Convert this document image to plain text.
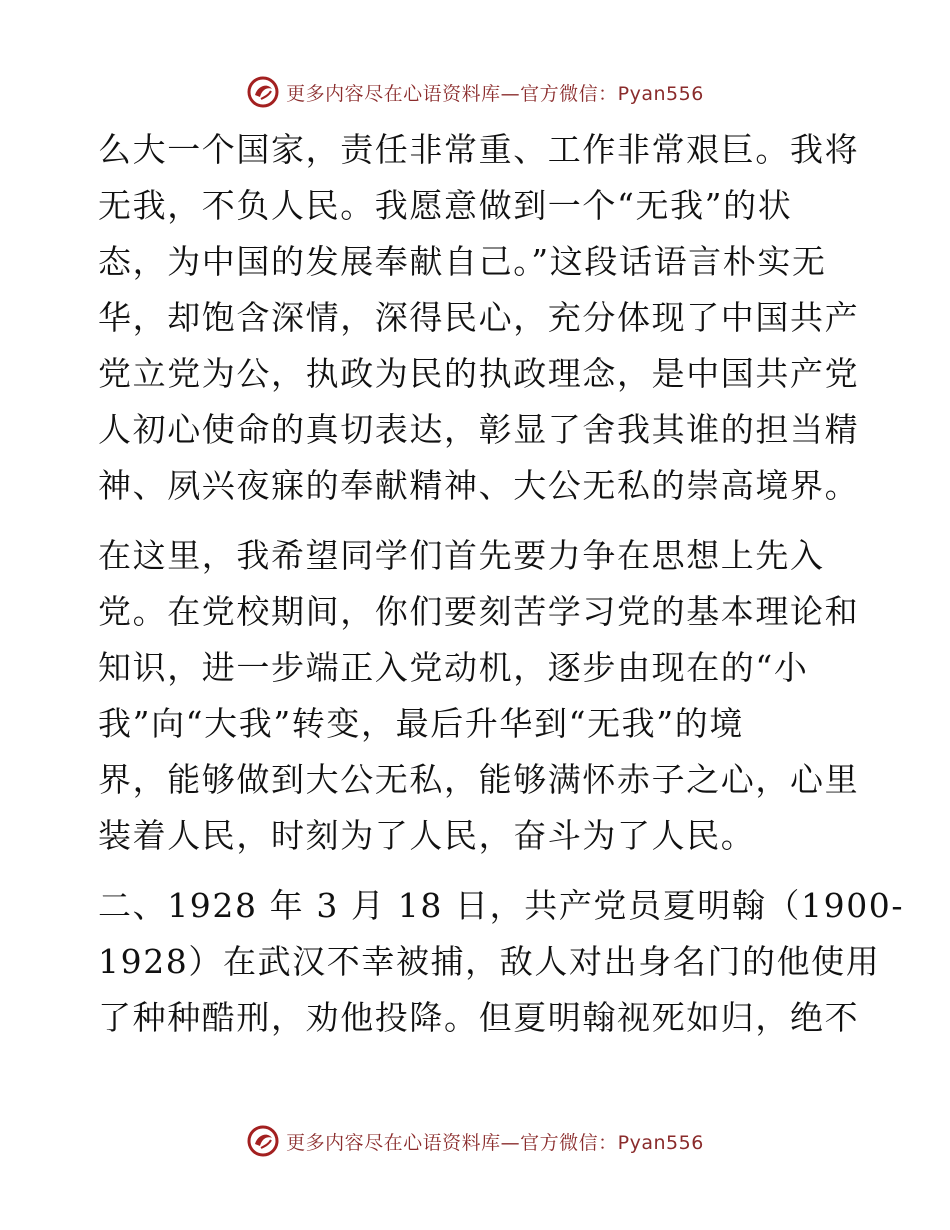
更多内容尽在心语资料库—官方微信：Pyan556
么大一个国家，责任非常重、工作非常艰巨。我将
无我，不负人民。我愿意做到一个“无我”的状
态，为中国的发展奉献自己。”这段话语言朴实无
华，却饱含深情，深得民心，充分体现了中国共产
党立党为公，执政为民的执政理念，是中国共产党
人初心使命的真切表达，彰显了舍我其谁的担当精
神、夙兴夜寐的奉献精神、大公无私的崇高境界。
在这里，我希望同学们首先要力争在思想上先入
党。在党校期间，你们要刻苦学习党的基本理论和
知识，进一步端正入党动机，逐步由现在的“小
我”向“大我”转变，最后升华到“无我”的境
界，能够做到大公无私，能够满怀赤子之心，心里
装着人民，时刻为了人民，奋斗为了人民。
二、1928 年 3 月 18 日，共产党员夏明翰（1900-
1928）在武汉不幸被捕，敌人对出身名门的他使用
了种种酷刑，劝他投降。但夏明翰视死如归，绝不
更多内容尽在心语资料库—官方微信：Pyan556
